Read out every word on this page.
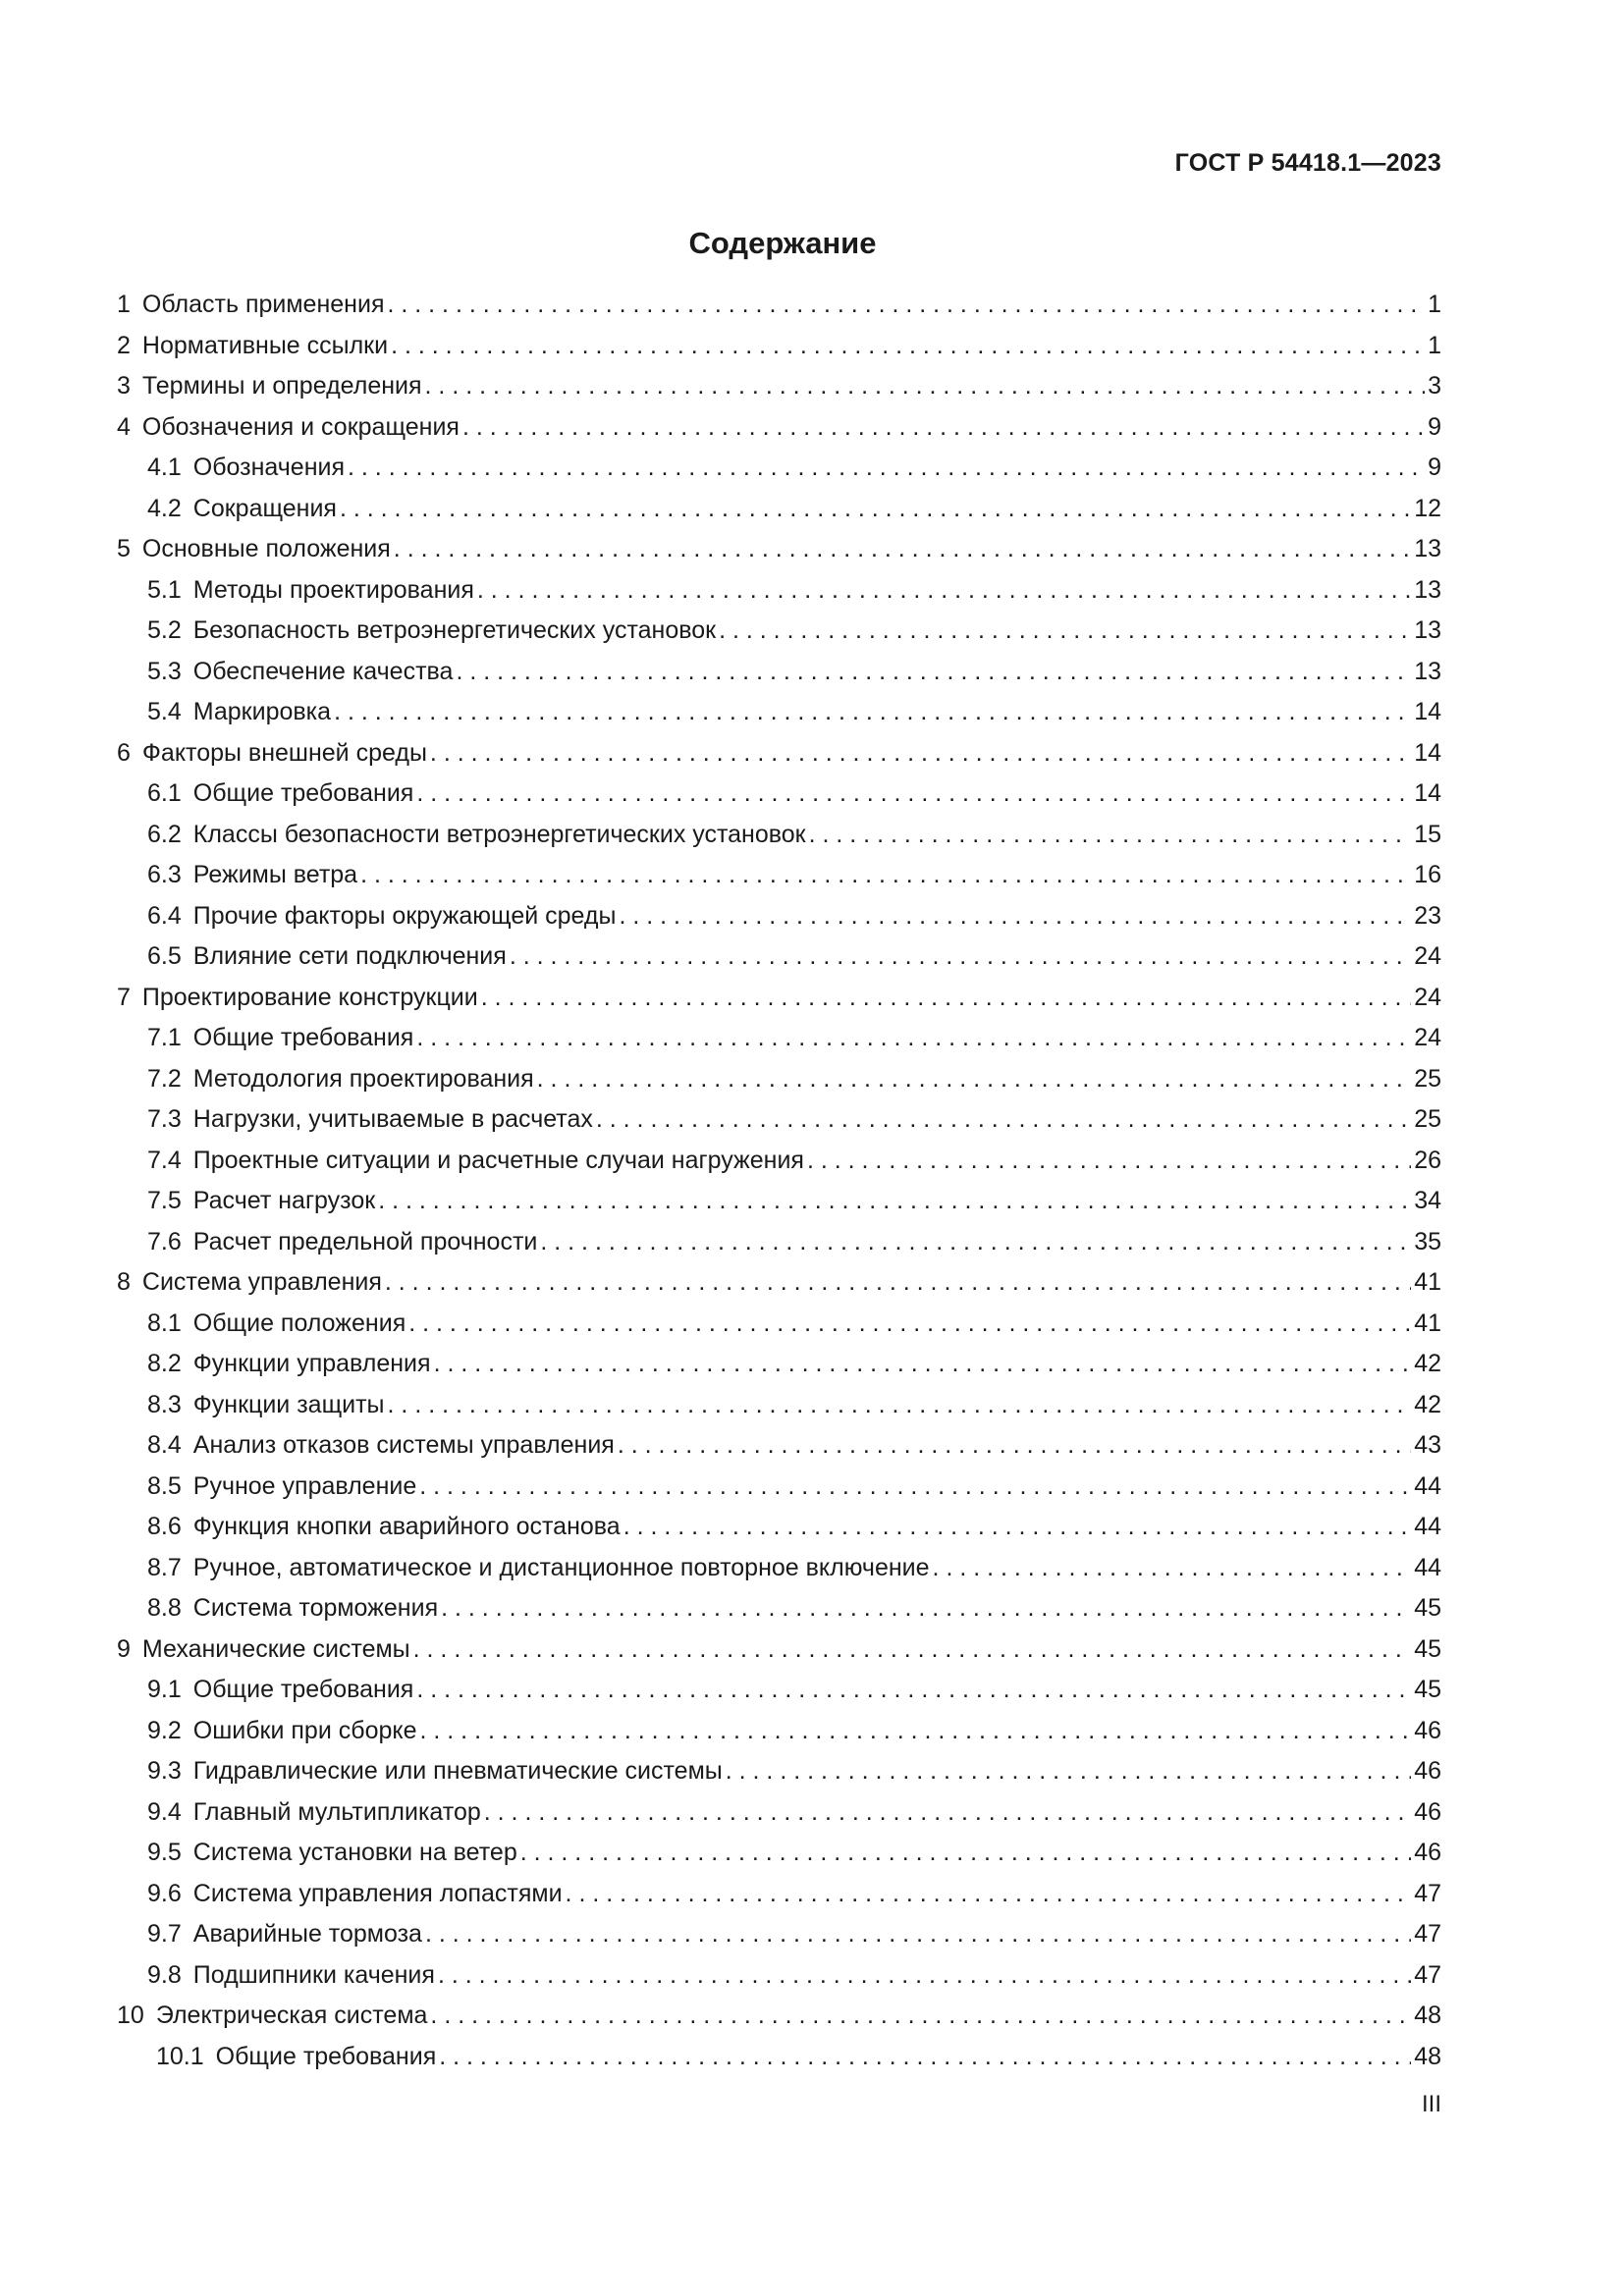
ГОСТ Р 54418.1—2023
Содержание
1 Область применения . . .	1
2 Нормативные ссылки . . .	1
3 Термины и определения . . .	3
4 Обозначения и сокращения . . .	9
4.1 Обозначения . . .	9
4.2 Сокращения . . .	12
5 Основные положения . . .	13
5.1 Методы проектирования . . .	13
5.2 Безопасность ветроэнергетических установок . . .	13
5.3 Обеспечение качества . . .	13
5.4 Маркировка . . .	14
6 Факторы внешней среды . . .	14
6.1 Общие требования . . .	14
6.2 Классы безопасности ветроэнергетических установок . . .	15
6.3 Режимы ветра . . .	16
6.4 Прочие факторы окружающей среды . . .	23
6.5 Влияние сети подключения . . .	24
7 Проектирование конструкции . . .	24
7.1 Общие требования . . .	24
7.2 Методология проектирования . . .	25
7.3 Нагрузки, учитываемые в расчетах . . .	25
7.4 Проектные ситуации и расчетные случаи нагружения . . .	26
7.5 Расчет нагрузок . . .	34
7.6 Расчет предельной прочности . . .	35
8 Система управления . . .	41
8.1 Общие положения . . .	41
8.2 Функции управления . . .	42
8.3 Функции защиты . . .	42
8.4 Анализ отказов системы управления . . .	43
8.5 Ручное управление . . .	44
8.6 Функция кнопки аварийного останова . . .	44
8.7 Ручное, автоматическое и дистанционное повторное включение . . .	44
8.8 Система торможения . . .	45
9 Механические системы . . .	45
9.1 Общие требования . . .	45
9.2 Ошибки при сборке . . .	46
9.3 Гидравлические или пневматические системы . . .	46
9.4 Главный мультипликатор . . .	46
9.5 Система установки на ветер . . .	46
9.6 Система управления лопастями . . .	47
9.7 Аварийные тормоза . . .	47
9.8 Подшипники качения . . .	47
10 Электрическая система . . .	48
10.1 Общие требования . . .	48
III
